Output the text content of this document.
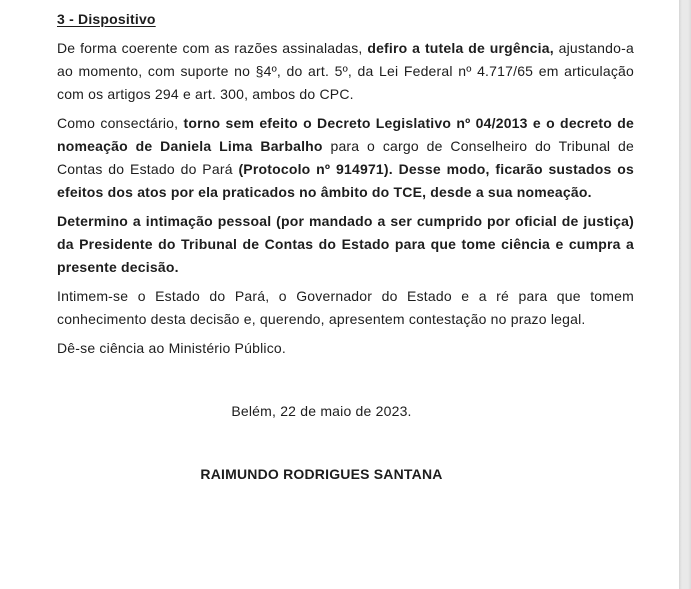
3 - Dispositivo

De forma coerente com as razões assinaladas, defiro a tutela de urgência, ajustando-a ao momento, com suporte no §4º, do art. 5º, da Lei Federal nº 4.717/65 em articulação com os artigos 294 e art. 300, ambos do CPC.

Como consectário, torno sem efeito o Decreto Legislativo nº 04/2013 e o decreto de nomeação de Daniela Lima Barbalho para o cargo de Conselheiro do Tribunal de Contas do Estado do Pará (Protocolo nº 914971). Desse modo, ficarão sustados os efeitos dos atos por ela praticados no âmbito do TCE, desde a sua nomeação.

Determino a intimação pessoal (por mandado a ser cumprido por oficial de justiça) da Presidente do Tribunal de Contas do Estado para que tome ciência e cumpra a presente decisão.

Intimem-se o Estado do Pará, o Governador do Estado e a ré para que tomem conhecimento desta decisão e, querendo, apresentem contestação no prazo legal.

Dê-se ciência ao Ministério Público.

Belém, 22 de maio de 2023.

RAIMUNDO RODRIGUES SANTANA
